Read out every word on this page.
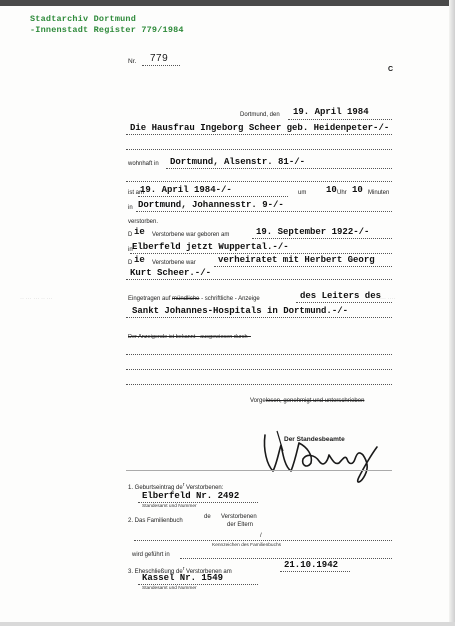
Stadtarchiv Dortmund
-Innenstadt Register 779/1984
Nr. 779
C
Dortmund, den 19. April 1984
Die Hausfrau Ingeborg Scheer geb. Heidenpeter-/-
wohnhaft in Dortmund, Alsenstr. 81-/-
ist am
19. April 1984-/-	um 10 Uhr 10 Minuten
in Dortmund, Johannesstr. 9-/-
verstorben.
D ie Verstorbene war geboren am	19. September 1922-/-
in Elberfeld jetzt Wuppertal.-/-
D ie Verstorbene war verheiratet mit Herbert Georg
Kurt Scheer.-/-
·· ··· ··· ·· ···	··· ····
Eingetragen auf mündliche - schriftliche - Anzeige	des Leiters des
Sankt Johannes-Hospitals in Dortmund.-/-
Der Anzeigende ist bekannt - ausgewiesen durch -
Vorgelesen, genehmigt und unterschrieben
Der Standesbeamte
1. Geburtseintrag $de^r$ Verstorbenen:
Elberfeld Nr. 2492
Standesamt und Nummer
2. Das Familienbuch
de Verstorbenen
der Eltern
/
Kennzeichen des Familienbuchs
wird geführt in
3. Eheschließung $de^r$ Verstorbenen am
21.10.1942
Kassel Nr. 1549
Standesamt und Nummer
